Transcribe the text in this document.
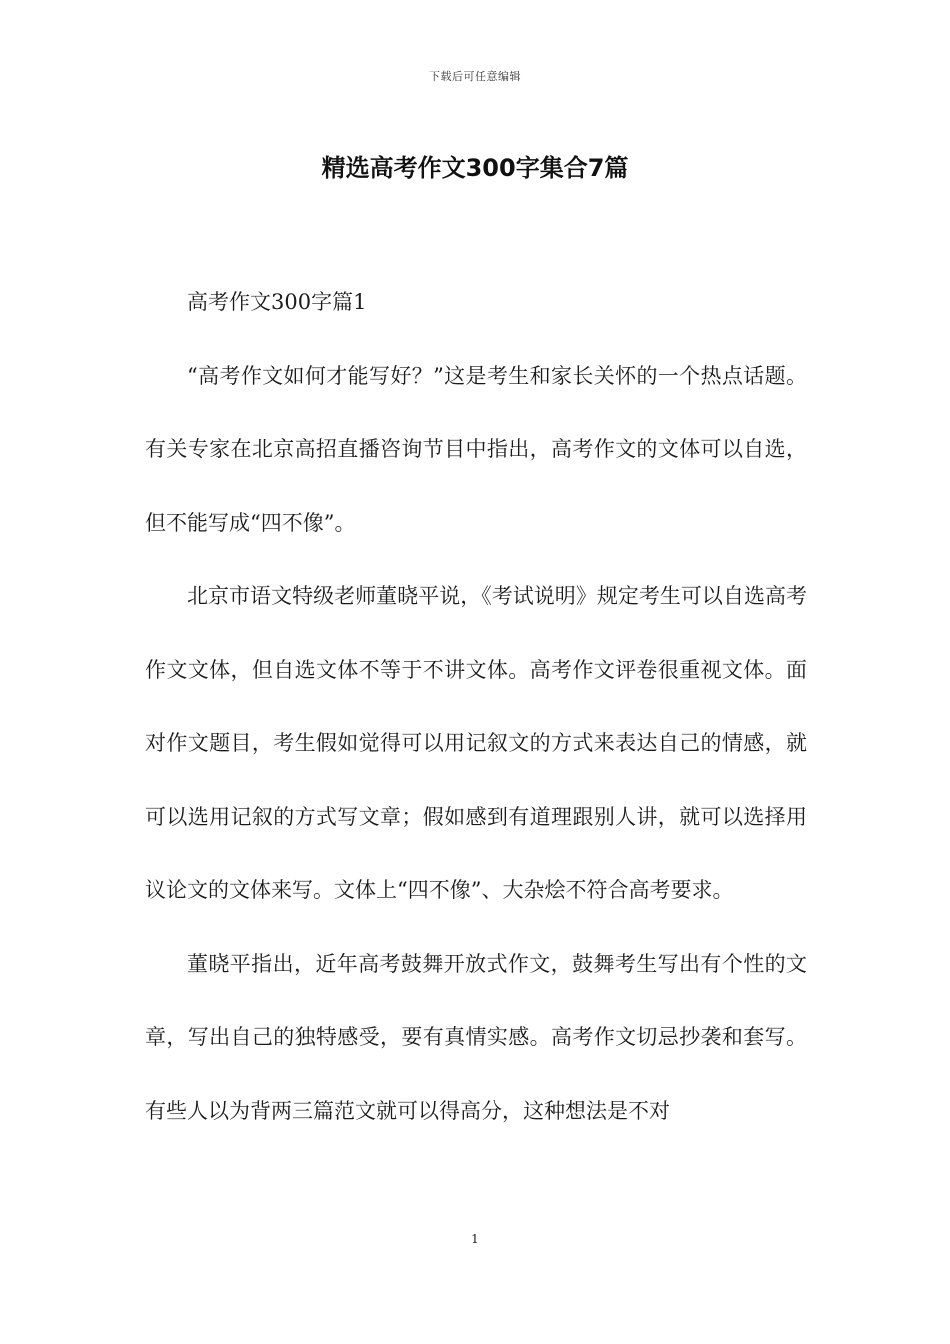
下载后可任意编辑
精选高考作文300字集合7篇

高考作文300字篇1

“高考作文如何才能写好？”这是考生和家长关怀的一个热点话题。有关专家在北京高招直播咨询节目中指出，高考作文的文体可以自选，但不能写成“四不像”。

北京市语文特级老师董晓平说，《考试说明》规定考生可以自选高考作文文体，但自选文体不等于不讲文体。高考作文评卷很重视文体。面对作文题目，考生假如觉得可以用记叙文的方式来表达自己的情感，就可以选用记叙的方式写文章；假如感到有道理跟别人讲，就可以选择用议论文的文体来写。文体上“四不像”、大杂烩不符合高考要求。

董晓平指出，近年高考鼓舞开放式作文，鼓舞考生写出有个性的文章，写出自己的独特感受，要有真情实感。高考作文切忌抄袭和套写。有些人以为背两三篇范文就可以得高分，这种想法是不对

1
